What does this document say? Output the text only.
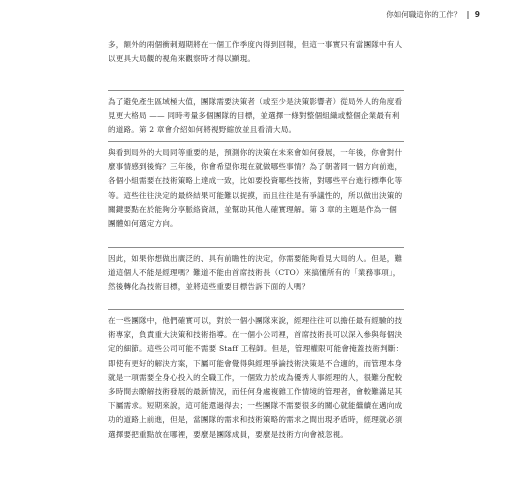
你如何職這你的工作？ | 9
多，額外的兩個衝刺週期將在一個工作季度內得到回報，但這一事實只有當團隊中有人以更具大局觀的視角來觀察時才得以顯現。
為了避免產生區域極大值，團隊需要決策者（或至少是決策影響者）從局外人的角度看見更大格局 —— 同時考量多個團隊的目標，並選擇一條對整個組織或整個企業最有利的道路。第 2 章會介紹如何將視野縮放並且看清大局。
與看到局外的大局同等重要的是，預測你的決策在未來會如何發展，一年後，你會對什麼事情感到後悔？三年後，你會希望你現在就做哪些事情？為了朝著同一個方向前進，各個小組需要在技術策略上達成一致，比如要投資哪些技術，對哪些平台進行標準化等等。這些往往決定的最終結果可能難以捉摸，而且往往是有爭議性的，所以做出決策的關鍵要點在於能夠分享脈絡資訊，並幫助其他人確實理解。第 3 章的主題是作為一個團體如何選定方向。
因此，如果你想做出廣泛的、具有前瞻性的決定，你需要能夠看見大局的人。但是，難道這個人不能是經理嗎？難道不能由首席技術長（CTO）來搞懂所有的「業務事項」，然後轉化為技術目標，並將這些重要目標告訴下面的人嗎？
在一些團隊中，他們確實可以，對於一個小團隊來說，經理往往可以擔任最有經驗的技術專家，負責重大決策和技術指導。在一個小公司裡，首席技術長可以深入參與每個決定的細節。這些公司可能不需要 Staff 工程師。但是，管理權限可能會掩蓋技術判斷：即使有更好的解決方案，下屬可能會覺得與經理爭論技術決策是不合適的，而管理本身就是一項需要全身心投入的全職工作，一個致力於成為優秀人事經理的人，很難分配較多時間去瞭解技術發展的最新情況，而任何身處複雜工作情境的管理者，會較難滿足其下屬需求。短期來說，這可能還過得去；一些團隊不需要很多的關心就能繼續在邁向成功的道路上前進，但是，當團隊的需求和技術策略的需求之間出現矛盾時，經理就必須選擇要把重點放在哪裡，要麼是團隊成員，要麼是技術方向會被忽視。
